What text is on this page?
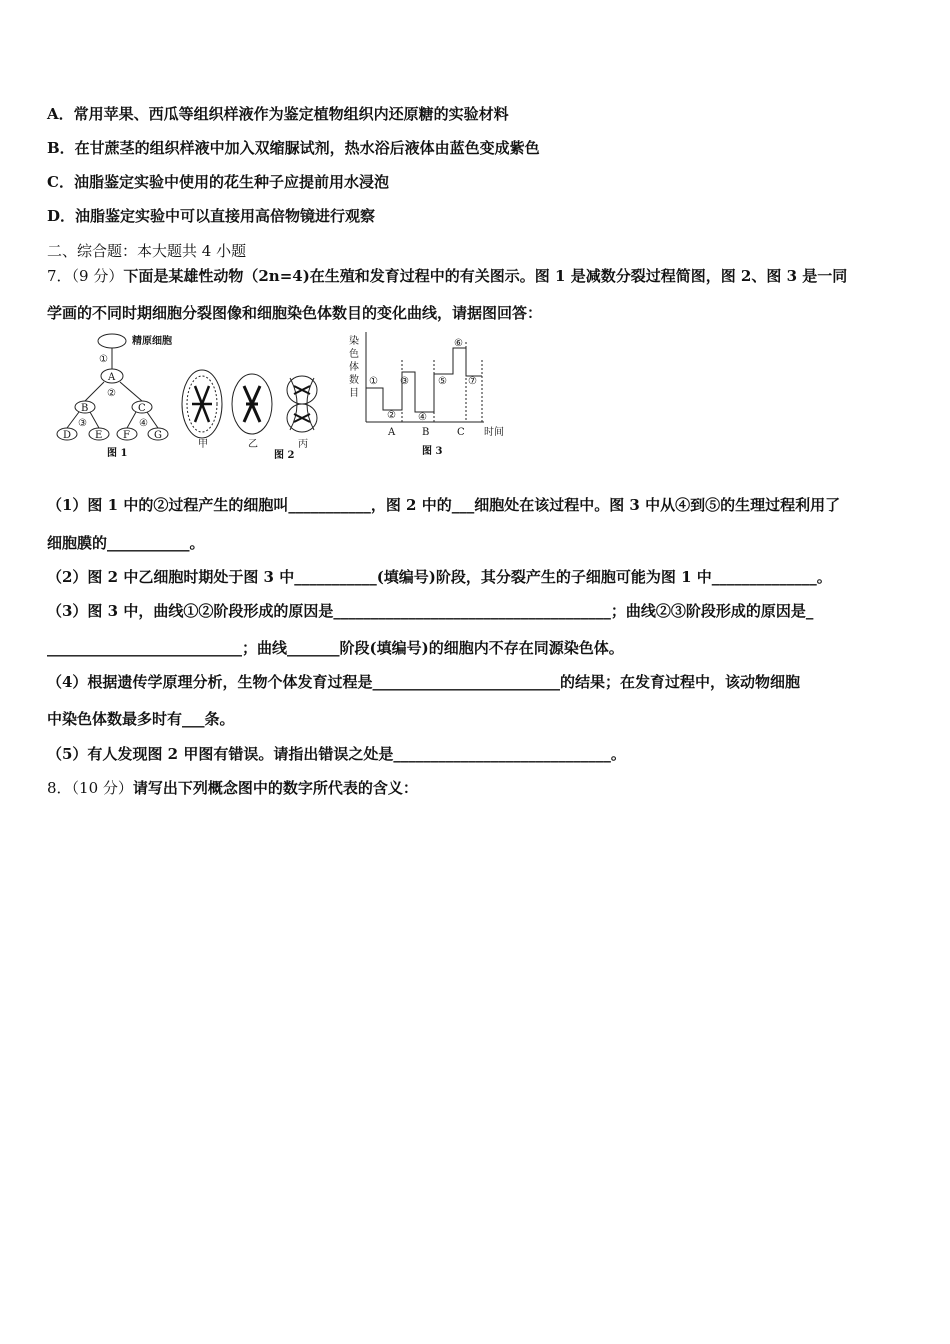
A．常用苹果、西瓜等组织样液作为鉴定植物组织内还原糖的实验材料
B．在甘蔗茎的组织样液中加入双缩脲试剂，热水浴后液体由蓝色变成紫色
C．油脂鉴定实验中使用的花生种子应提前用水浸泡
D．油脂鉴定实验中可以直接用高倍物镜进行观察
二、综合题：本大题共 4 小题
7．（9 分）下面是某雄性动物（2n=4)在生殖和发育过程中的有关图示。图 1 是减数分裂过程简图，图 2、图 3 是一同
学画的不同时期细胞分裂图像和细胞染色体数目的变化曲线，请据图回答：
精原细胞
A
B	C
D E F G
①
②
③	④
图 1
甲	乙	丙
图 2
染
色
体
数
目
①
②
③
④
⑤
⑥
⑦
A	B	C 时间
图 3
（1）图 1 中的②过程产生的细胞叫___________，图 2 中的___细胞处在该过程中。图 3 中从④到⑤的生理过程利用了
细胞膜的___________。
（2）图 2 中乙细胞时期处于图 3 中___________(填编号)阶段，其分裂产生的子细胞可能为图 1 中______________。
（3）图 3 中，曲线①②阶段形成的原因是_____________________________________；曲线②③阶段形成的原因是_
__________________________；曲线_______阶段(填编号)的细胞内不存在同源染色体。
（4）根据遗传学原理分析，生物个体发育过程是_________________________的结果；在发育过程中，该动物细胞
中染色体数最多时有___条。
（5）有人发现图 2 甲图有错误。请指出错误之处是_____________________________。
8．（10 分）请写出下列概念图中的数字所代表的含义：
